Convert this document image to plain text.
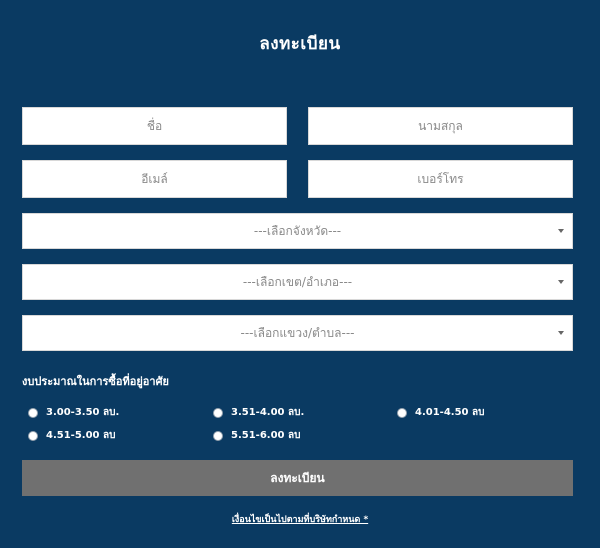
ลงทะเบียน
ชื่อ	นามสกุล
อีเมล์	เบอร์โทร
---เลือกจังหวัด---
---เลือกเขต/อำเภอ---
---เลือกแขวง/ตำบล---
งบประมาณในการซื้อที่อยู่อาศัย
3.00-3.50 ลบ.	3.51-4.00 ลบ.	4.01-4.50 ลบ
4.51-5.00 ลบ	5.51-6.00 ลบ
ลงทะเบียน
เงื่อนไขเป็นไปตามที่บริษัทกำหนด *
